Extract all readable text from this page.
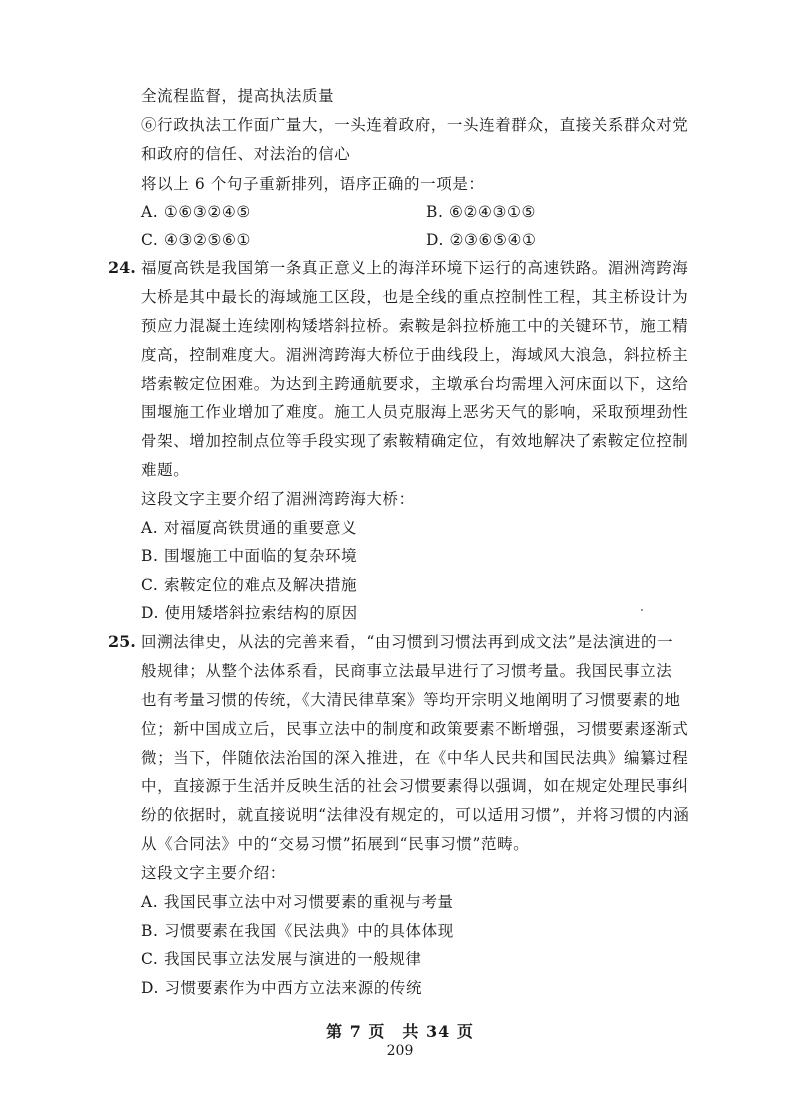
全流程监督，提高执法质量
⑥行政执法工作面广量大，一头连着政府，一头连着群众，直接关系群众对党
和政府的信任、对法治的信心
将以上 6 个句子重新排列，语序正确的一项是：
A. ①⑥③②④⑤	B. ⑥②④③①⑤
C. ④③②⑤⑥①	D. ②③⑥⑤④①
24. 福厦高铁是我国第一条真正意义上的海洋环境下运行的高速铁路。湄洲湾跨海
大桥是其中最长的海域施工区段，也是全线的重点控制性工程，其主桥设计为
预应力混凝土连续刚构矮塔斜拉桥。索鞍是斜拉桥施工中的关键环节，施工精
度高，控制难度大。湄洲湾跨海大桥位于曲线段上，海域风大浪急，斜拉桥主
塔索鞍定位困难。为达到主跨通航要求，主墩承台均需埋入河床面以下，这给
围堰施工作业增加了难度。施工人员克服海上恶劣天气的影响，采取预埋劲性
骨架、增加控制点位等手段实现了索鞍精确定位，有效地解决了索鞍定位控制
难题。
这段文字主要介绍了湄洲湾跨海大桥：
A. 对福厦高铁贯通的重要意义
B. 围堰施工中面临的复杂环境
C. 索鞍定位的难点及解决措施
D. 使用矮塔斜拉索结构的原因
25. 回溯法律史，从法的完善来看，“由习惯到习惯法再到成文法”是法演进的一
般规律；从整个法体系看，民商事立法最早进行了习惯考量。我国民事立法
也有考量习惯的传统，《大清民律草案》等均开宗明义地阐明了习惯要素的地
位；新中国成立后，民事立法中的制度和政策要素不断增强，习惯要素逐渐式
微；当下，伴随依法治国的深入推进，在《中华人民共和国民法典》编纂过程
中，直接源于生活并反映生活的社会习惯要素得以强调，如在规定处理民事纠
纷的依据时，就直接说明“法律没有规定的，可以适用习惯”，并将习惯的内涵
从《合同法》中的“交易习惯”拓展到“民事习惯”范畴。
这段文字主要介绍：
A. 我国民事立法中对习惯要素的重视与考量
B. 习惯要素在我国《民法典》中的具体体现
C. 我国民事立法发展与演进的一般规律
D. 习惯要素作为中西方立法来源的传统
第 7 页　共 34 页
209
